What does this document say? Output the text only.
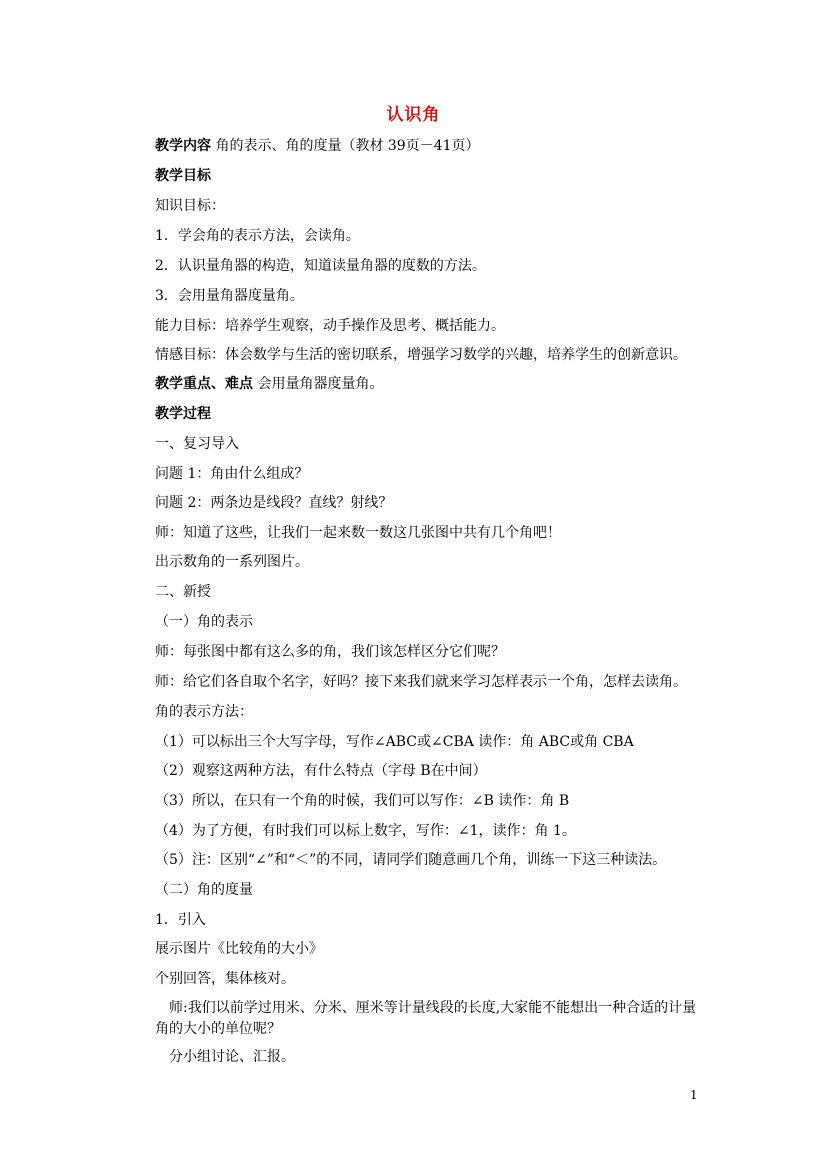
认识角
教学内容 角的表示、角的度量（教材 39页－41页）
教学目标
知识目标：
1．学会角的表示方法，会读角。
2．认识量角器的构造，知道读量角器的度数的方法。
3．会用量角器度量角。
能力目标：培养学生观察，动手操作及思考、概括能力。
情感目标：体会数学与生活的密切联系，增强学习数学的兴趣，培养学生的创新意识。
教学重点、难点 会用量角器度量角。
教学过程
一、复习导入
问题 1：角由什么组成？
问题 2：两条边是线段？直线？射线？
师：知道了这些，让我们一起来数一数这几张图中共有几个角吧！
出示数角的一系列图片。
二、新授
（一）角的表示
师：每张图中都有这么多的角，我们该怎样区分它们呢？
师：给它们各自取个名字，好吗？接下来我们就来学习怎样表示一个角，怎样去读角。
角的表示方法：
（1）可以标出三个大写字母，写作∠ABC或∠CBA 读作：角 ABC或角 CBA
（2）观察这两种方法，有什么特点（字母 B在中间）
（3）所以，在只有一个角的时候，我们可以写作：∠B 读作：角 B
（4）为了方便，有时我们可以标上数字，写作：∠1，读作：角 1。
（5）注：区别“∠”和“＜”的不同，请同学们随意画几个角，训练一下这三种读法。
（二）角的度量
1．引入
展示图片《比较角的大小》
个别回答，集体核对。
　师:我们以前学过用米、分米、厘米等计量线段的长度,大家能不能想出一种合适的计量角的大小的单位呢？
　分小组讨论、汇报。
1
